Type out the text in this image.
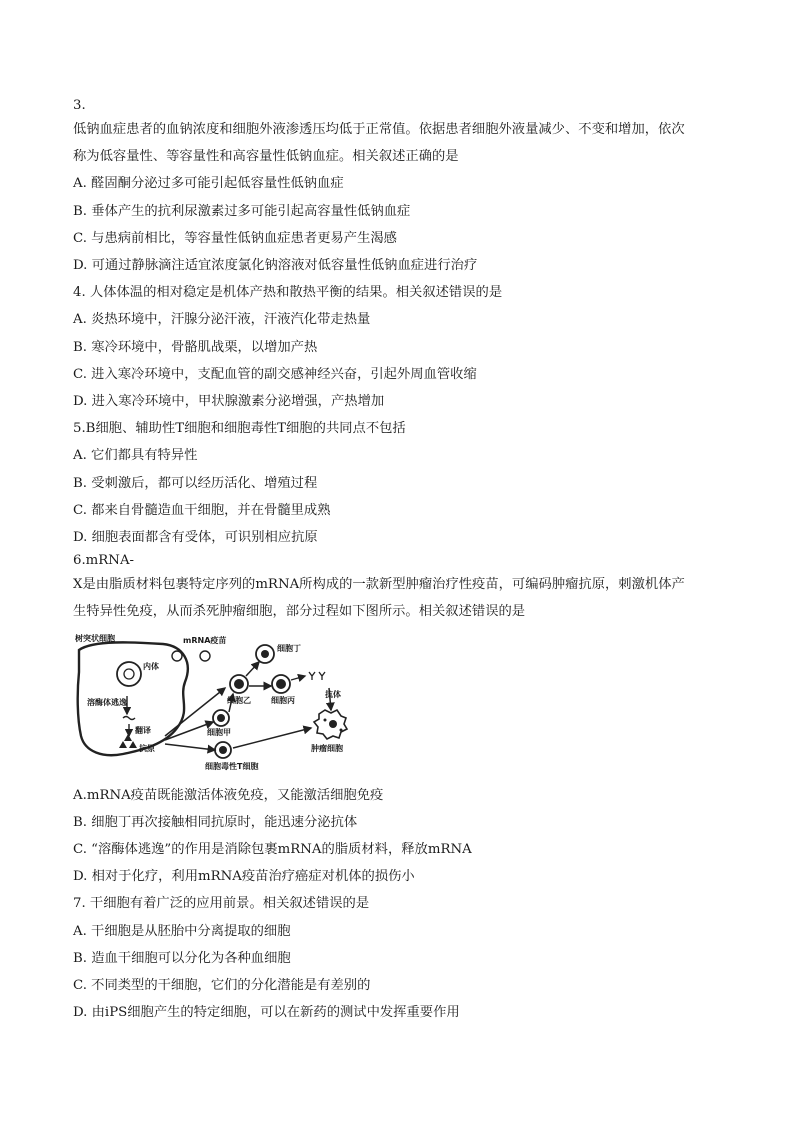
3.
低钠血症患者的血钠浓度和细胞外液渗透压均低于正常值。依据患者细胞外液量减少、不变和增加，依次
称为低容量性、等容量性和高容量性低钠血症。相关叙述正确的是
A. 醛固酮分泌过多可能引起低容量性低钠血症
B. 垂体产生的抗利尿激素过多可能引起高容量性低钠血症
C. 与患病前相比，等容量性低钠血症患者更易产生渴感
D. 可通过静脉滴注适宜浓度氯化钠溶液对低容量性低钠血症进行治疗
4. 人体体温的相对稳定是机体产热和散热平衡的结果。相关叙述错误的是
A. 炎热环境中，汗腺分泌汗液，汗液汽化带走热量
B. 寒冷环境中，骨骼肌战栗，以增加产热
C. 进入寒冷环境中，支配血管的副交感神经兴奋，引起外周血管收缩
D. 进入寒冷环境中，甲状腺激素分泌增强，产热增加
5.B细胞、辅助性T细胞和细胞毒性T细胞的共同点不包括
A. 它们都具有特异性
B. 受刺激后，都可以经历活化、增殖过程
C. 都来自骨髓造血干细胞，并在骨髓里成熟
D. 细胞表面都含有受体，可识别相应抗原
6.mRNA-
X是由脂质材料包裹特定序列的mRNA所构成的一款新型肿瘤治疗性疫苗，可编码肿瘤抗原，刺激机体产
生特异性免疫，从而杀死肿瘤细胞，部分过程如下图所示。相关叙述错误的是
树突状细胞
内体
mRNA疫苗
溶酶体逃逸
翻译
抗原
细胞甲
细胞乙	细胞丙
细胞丁
抗体
细胞毒性T细胞
肿瘤细胞
A.mRNA疫苗既能激活体液免疫，又能激活细胞免疫
B. 细胞丁再次接触相同抗原时，能迅速分泌抗体
C. “溶酶体逃逸”的作用是消除包裹mRNA的脂质材料，释放mRNA
D. 相对于化疗，利用mRNA疫苗治疗癌症对机体的损伤小
7. 干细胞有着广泛的应用前景。相关叙述错误的是
A. 干细胞是从胚胎中分离提取的细胞
B. 造血干细胞可以分化为各种血细胞
C. 不同类型的干细胞，它们的分化潜能是有差别的
D. 由iPS细胞产生的特定细胞，可以在新药的测试中发挥重要作用
